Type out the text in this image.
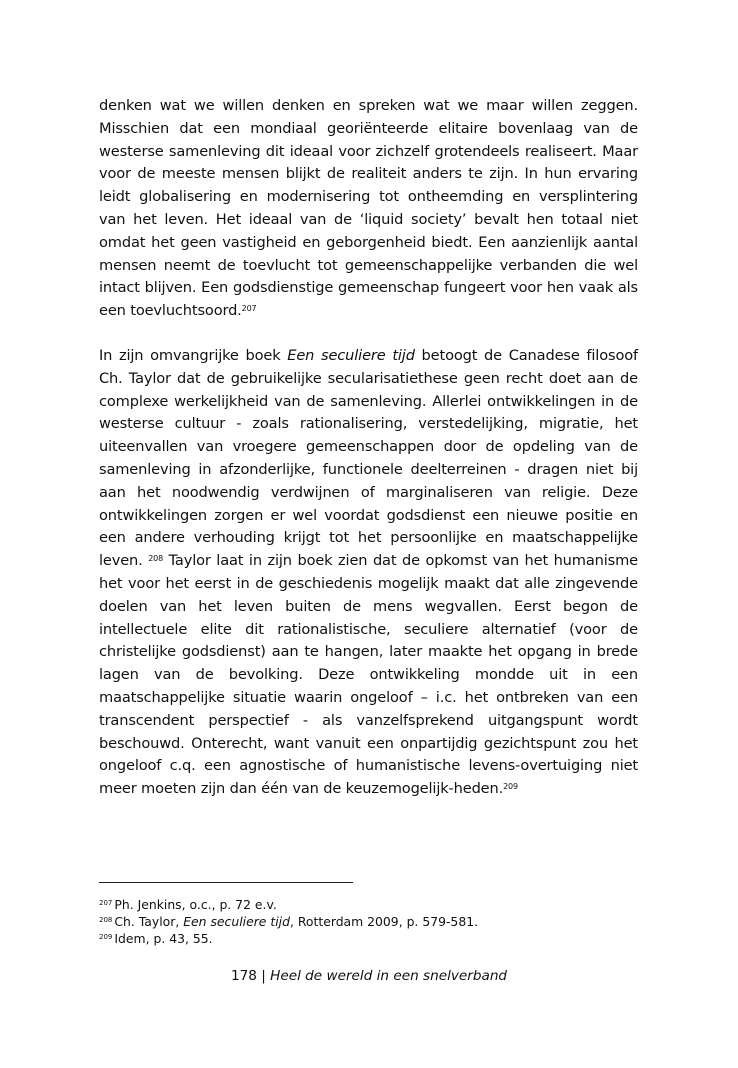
denken wat we willen denken en spreken wat we maar willen zeggen. Misschien dat een mondiaal georiënteerde elitaire bovenlaag van de westerse samenleving dit ideaal voor zichzelf grotendeels realiseert. Maar voor de meeste mensen blijkt de realiteit anders te zijn. In hun ervaring leidt globalisering en modernisering tot ontheemding en versplintering van het leven. Het ideaal van de ‘liquid society’ bevalt hen totaal niet omdat het geen vastigheid en geborgenheid biedt. Een aanzienlijk aantal mensen neemt de toevlucht tot gemeenschappelijke verbanden die wel intact blijven. Een godsdienstige gemeenschap fungeert voor hen vaak als een toevluchtsoord.$^{207}$

In zijn omvangrijke boek Een seculiere tijd betoogt de Canadese filosoof Ch. Taylor dat de gebruikelijke secularisatiethese geen recht doet aan de complexe werkelijkheid van de samenleving. Allerlei ontwikkelingen in de westerse cultuur - zoals rationalisering, verstedelijking, migratie, het uiteenvallen van vroegere gemeenschappen door de opdeling van de samenleving in afzonderlijke, functionele deelterreinen - dragen niet bij aan het noodwendig verdwijnen of marginaliseren van religie. Deze ontwikkelingen zorgen er wel voordat godsdienst een nieuwe positie en een andere verhouding krijgt tot het persoonlijke en maatschappelijke leven. $^{208}$ Taylor laat in zijn boek zien dat de opkomst van het humanisme het voor het eerst in de geschiedenis mogelijk maakt dat alle zingevende doelen van het leven buiten de mens wegvallen. Eerst begon de intellectuele elite dit rationalistische, seculiere alternatief (voor de christelijke godsdienst) aan te hangen, later maakte het opgang in brede lagen van de bevolking. Deze ontwikkeling mondde uit in een maatschappelijke situatie waarin ongeloof – i.c. het ontbreken van een transcendent perspectief - als vanzelfsprekend uitgangspunt wordt beschouwd. Onterecht, want vanuit een onpartijdig gezichtspunt zou het ongeloof c.q. een agnostische of humanistische levens-overtuiging niet meer moeten zijn dan één van de keuzemogelijk-heden.$^{209}$

$^{207}$ Ph. Jenkins, o.c., p. 72 e.v.

$^{208}$ Ch. Taylor, Een seculiere tijd, Rotterdam 2009, p. 579-581.

$^{209}$ Idem, p. 43, 55.

178 | Heel de wereld in een snelverband
